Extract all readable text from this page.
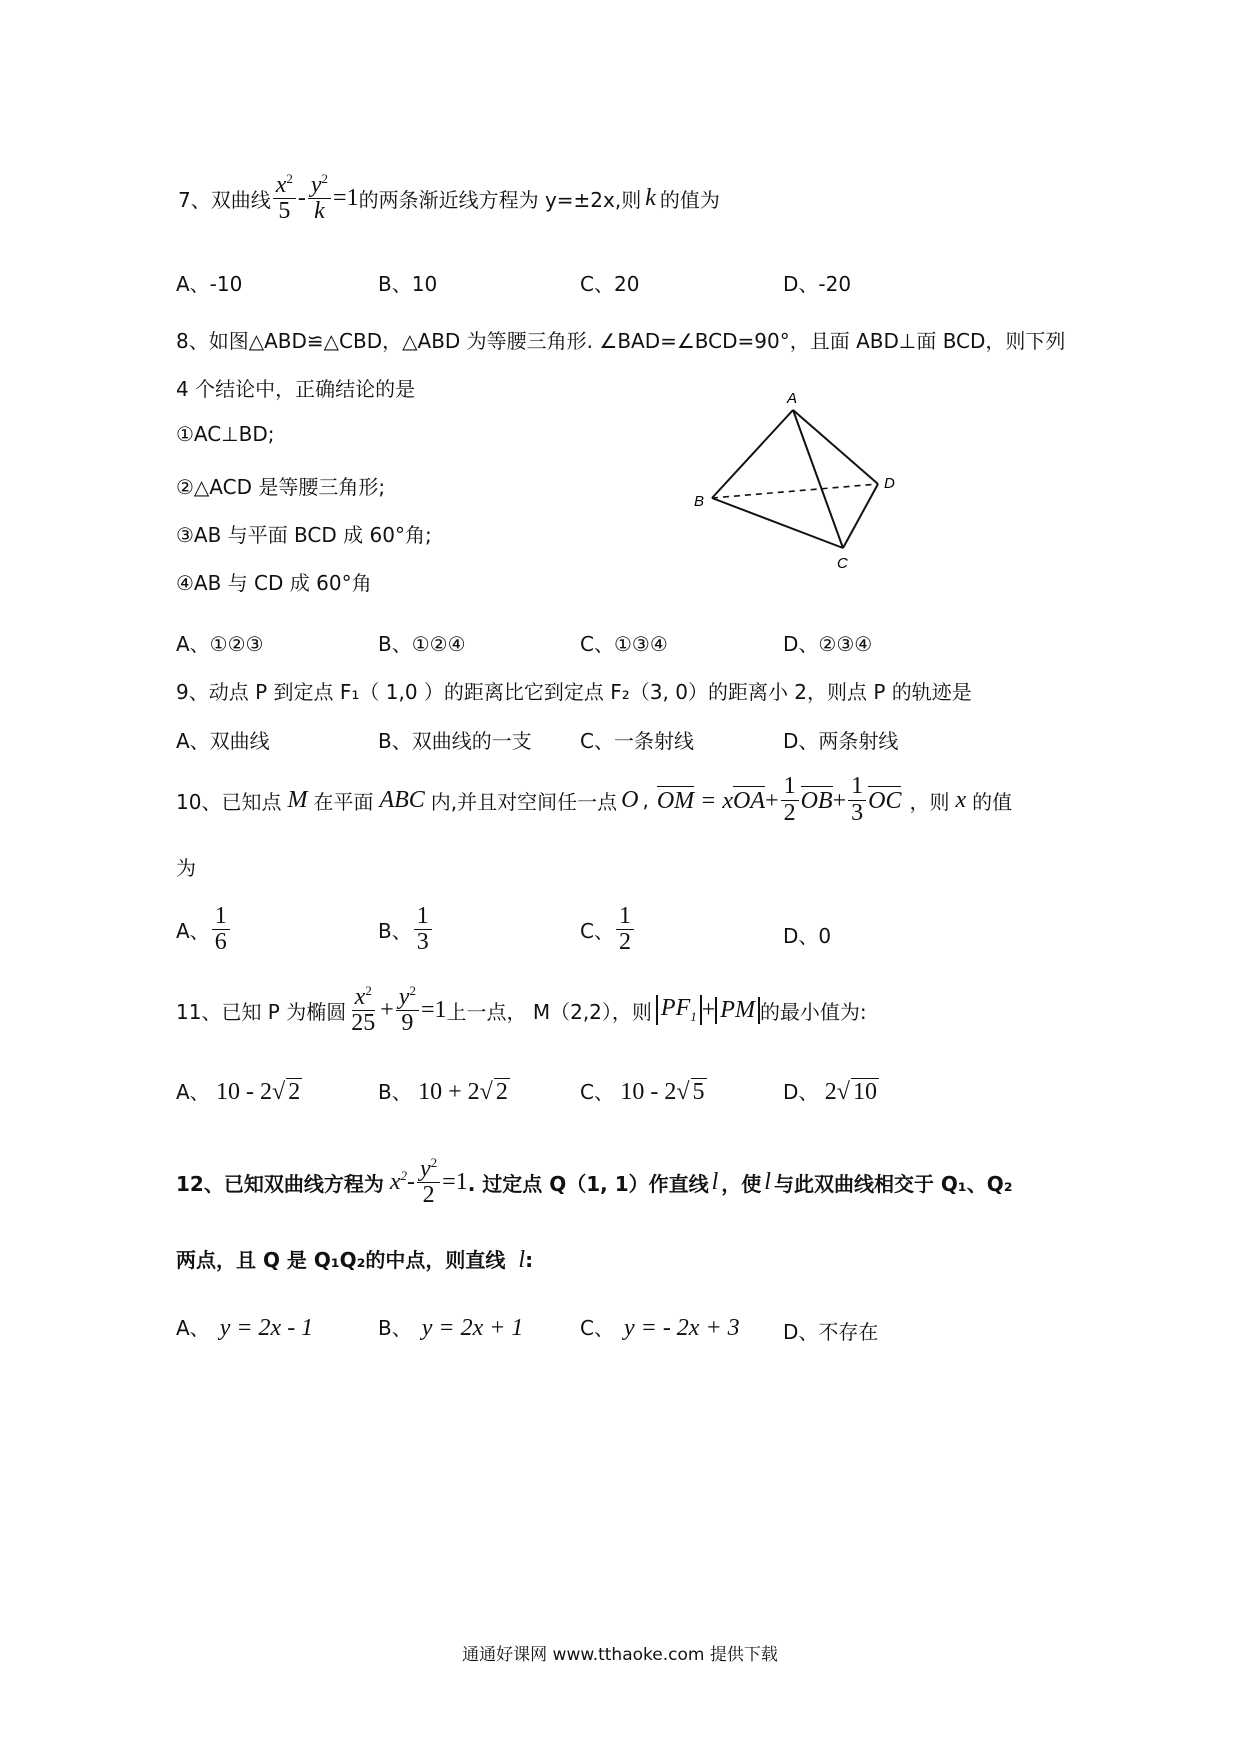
7、 双曲线 $\frac{x^2}{5} - \frac{y^2}{k} =1$ 的两条渐近线方程为 y=±2x,则 k 的值为
A、-10	B、10	C、20	D、-20
8、如图△ABD≌△CBD，△ABD 为等腰三角形. ∠BAD=∠BCD=90°，且面 ABD⊥面 BCD，则下列
4 个结论中，正确结论的是
①AC⊥BD;
②△ACD 是等腰三角形;
③AB 与平面 BCD 成 60°角;
④AB 与 CD 成 60°角
A
B
C
D
A、①②③	B、①②④	C、①③④	D、②③④
9、动点 P 到定点 F₁（ 1,0 ）的距离比它到定点 F₂（3, 0）的距离小 2，则点 P 的轨迹是
A、双曲线	B、双曲线的一支 C、一条射线	D、两条射线
10、已知点 M 在平面 ABC 内,并且对空间任一点 O , OM = $xOA+ \frac{1}{2} OB+ \frac{1}{3}$ OC ，则 x 的值
为
A、 $\frac{1}{6}$	B、 $\frac{1}{3}$	C、 $\frac{1}{2}$	D、0
11、已知 P 为椭圆 $\frac{x^2}{25} + \frac{y^2}{9} =1$ 上一点， M（2,2），则 $PF_1$ + PM 的最小值为:
A、 10 - 2√ 2	B、 10 + 2√ 2	C、 10 - 2√ 5	D、 2√ 10
12、已知双曲线方程为 $x^2 - \frac{y^2}{2} =1$ . 过定点 Q（1, 1）作直线 l ，使 l 与此双曲线相交于 Q₁、Q₂
两点，且 Q 是 Q₁Q₂的中点，则直线 l:
A、 y = 2x - 1	B、 y = 2x + 1	C、 y = - 2x + 3 D、不存在
通通好课网 www.tthaoke.com 提供下载
